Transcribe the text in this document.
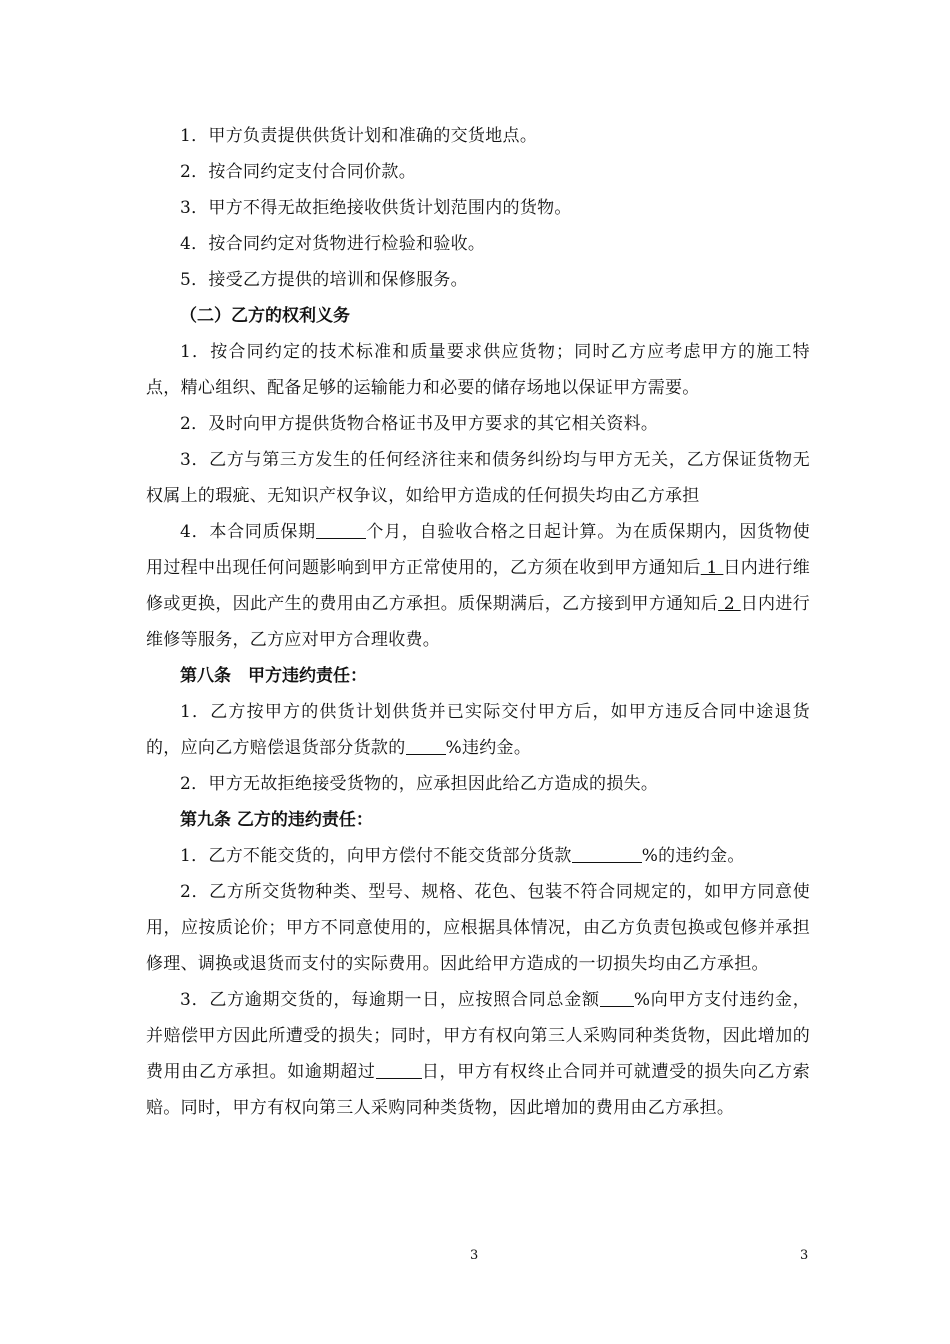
1．甲方负责提供供货计划和准确的交货地点。

2．按合同约定支付合同价款。

3．甲方不得无故拒绝接收供货计划范围内的货物。

4．按合同约定对货物进行检验和验收。

5．接受乙方提供的培训和保修服务。

（二）乙方的权利义务

1．按合同约定的技术标准和质量要求供应货物；同时乙方应考虑甲方的施工特点，精心组织、配备足够的运输能力和必要的储存场地以保证甲方需要。

2．及时向甲方提供货物合格证书及甲方要求的其它相关资料。

3．乙方与第三方发生的任何经济往来和债务纠纷均与甲方无关，乙方保证货物无权属上的瑕疵、无知识产权争议，如给甲方造成的任何损失均由乙方承担

4．本合同质保期	个月，自验收合格之日起计算。为在质保期内，因货物使用过程中出现任何问题影响到甲方正常使用的，乙方须在收到甲方通知后 1 日内进行维修或更换，因此产生的费用由乙方承担。质保期满后，乙方接到甲方通知后 2 日内进行维修等服务，乙方应对甲方合理收费。

第八条　甲方违约责任：

1．乙方按甲方的供货计划供货并已实际交付甲方后，如甲方违反合同中途退货的，应向乙方赔偿退货部分货款的 %违约金。

2．甲方无故拒绝接受货物的，应承担因此给乙方造成的损失。

第九条 乙方的违约责任：

1．乙方不能交货的，向甲方偿付不能交货部分货款	%的违约金。

2．乙方所交货物种类、型号、规格、花色、包装不符合同规定的，如甲方同意使用，应按质论价；甲方不同意使用的，应根据具体情况，由乙方负责包换或包修并承担修理、调换或退货而支付的实际费用。因此给甲方造成的一切损失均由乙方承担。

3．乙方逾期交货的，每逾期一日，应按照合同总金额 %向甲方支付违约金，并赔偿甲方因此所遭受的损失；同时，甲方有权向第三人采购同种类货物，因此增加的费用由乙方承担。如逾期超过	日，甲方有权终止合同并可就遭受的损失向乙方索赔。同时，甲方有权向第三人采购同种类货物，因此增加的费用由乙方承担。

3	3
